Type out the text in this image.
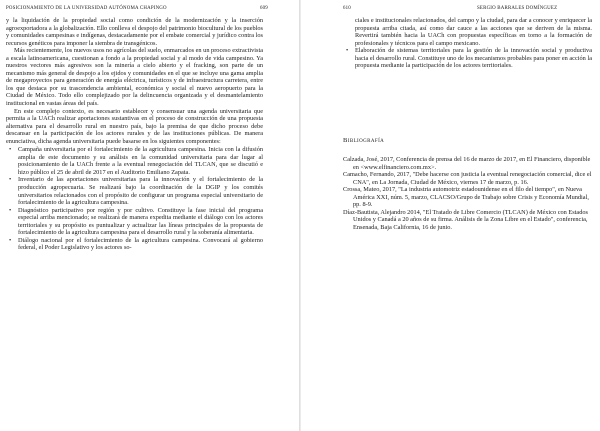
POSICIONAMIENTO DE LA UNIVERSIDAD AUTÓNOMA CHAPINGO	609

y la liquidación de la propiedad social como condición de la modernización y la inserción agroexportadora a la globalización. Ello conlleva el despojo del patrimonio biocultural de los pueblos y comunidades campesinas e indígenas, destacadamente por el embate comercial y jurídico contra los recursos genéticos para imponer la siembra de transgénicos.

Más recientemente, los nuevos usos no agrícolas del suelo, enmarcados en un proceso extractivista a escala latinoamericana, cuestionan a fondo a la propiedad social y al modo de vida campesino. Ya nuestros vectores más agresivos son la minería a cielo abierto y el fracking, son parte de un mecanismo más general de despojo a los ejidos y comunidades en el que se incluye una gama amplia de megaproyectos para generación de energía eléctrica, turísticos y de infraestructura carretera, entre los que destaca por su trascendencia ambiental, económica y social el nuevo aeropuerto para la Ciudad de México. Todo ello complejizado por la delincuencia organizada y el desmantelamiento institucional en vastas áreas del país.

En este complejo contexto, es necesario establecer y consensuar una agenda universitaria que permita a la UACh realizar aportaciones sustantivas en el proceso de construcción de una propuesta alternativa para el desarrollo rural en nuestro país, bajo la premisa de que dicho proceso debe descansar en la participación de los actores rurales y de las instituciones públicas. De manera enunciativa, dicha agenda universitaria puede basarse en los siguientes componentes:

• Campaña universitaria por el fortalecimiento de la agricultura campesina. Inicia con la difusión amplia de este documento y su análisis en la comunidad universitaria para dar lugar al posicionamiento de la UACh frente a la eventual renegociación del TLCAN, que se discutió e hizo público el 25 de abril de 2017 en el Auditorio Emiliano Zapata.
• Inventario de las aportaciones universitarias para la innovación y el fortalecimiento de la producción agropecuaria. Se realizará bajo la coordinación de la DGIP y los comités universitarios relacionados con el propósito de configurar un programa especial universitario de fortalecimiento de la agricultura campesina.
• Diagnóstico participativo por región y por cultivo. Constituye la fase inicial del programa especial arriba mencionado; se realizará de manera expedita mediante el diálogo con los actores territoriales y su propósito es puntualizar y actualizar las líneas principales de la propuesta de fortalecimiento de la agricultura campesina para el desarrollo rural y la soberanía alimentaria.
• Diálogo nacional por el fortalecimiento de la agricultura campesina. Convocará al gobierno federal, el Poder Legislativo y los actores so-
610	SERGIO BARRALES DOMÍNGUEZ
ciales e institucionales relacionados, del campo y la ciudad, para dar a conocer y enriquecer la propuesta arriba citada, así como dar cauce a las acciones que se deriven de la misma. Revertirá también hacia la UACh con propuestas específicas en torno a la formación de profesionales y técnicos para el campo mexicano.
• Elaboración de sistemas territoriales para la gestión de la innovación social y productiva hacia el desarrollo rural. Constituye uno de los mecanismos probables para poner en acción la propuesta mediante la participación de los actores territoriales.
Bibliografía

Calzada, José, 2017, Conferencia de prensa del 16 de marzo de 2017, en El Financiero, disponible en <www.elfinanciero.com.mx>.

Camacho, Fernando, 2017, "Debe hacerse con justicia la eventual renegociación comercial, dice el CNA", en La Jornada, Ciudad de México, viernes 17 de marzo, p. 16.

Crossa, Mateo, 2017, "La industria automotriz estadounidense en el filo del tiempo", en Nueva América XXI, núm. 5, marzo, CLACSO/Grupo de Trabajo sobre Crisis y Economía Mundial, pp. 8-9.

Díaz-Bautista, Alejandro 2014, "El Tratado de Libre Comercio (TLCAN) de México con Estados Unidos y Canadá a 20 años de su firma. Análisis de la Zona Libre en el Estado", conferencia, Ensenada, Baja California, 16 de junio.
